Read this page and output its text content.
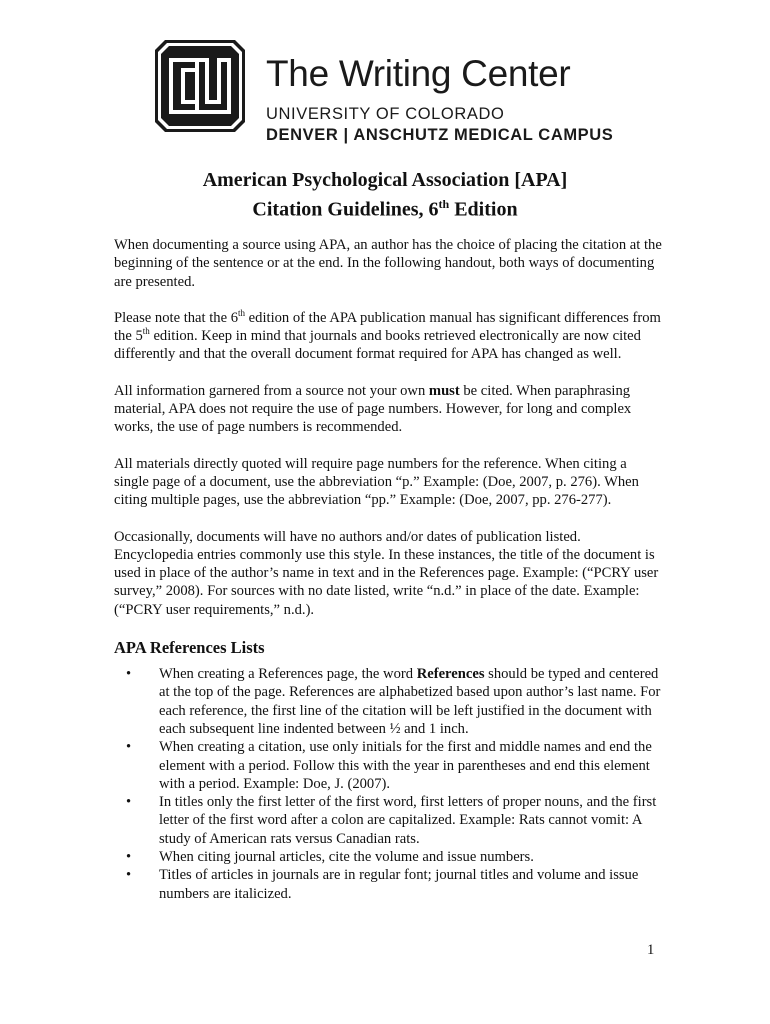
The Writing Center
UNIVERSITY OF COLORADO
DENVER | ANSCHUTZ MEDICAL CAMPUS
American Psychological Association [APA]
Citation Guidelines, 6th Edition

When documenting a source using APA, an author has the choice of placing the citation at the beginning of the sentence or at the end. In the following handout, both ways of documenting are presented.

Please note that the 6th edition of the APA publication manual has significant differences from the 5th edition. Keep in mind that journals and books retrieved electronically are now cited differently and that the overall document format required for APA has changed as well.

All information garnered from a source not your own must be cited. When paraphrasing material, APA does not require the use of page numbers. However, for long and complex works, the use of page numbers is recommended.

All materials directly quoted will require page numbers for the reference. When citing a single page of a document, use the abbreviation “p.” Example: (Doe, 2007, p. 276). When citing multiple pages, use the abbreviation “pp.” Example: (Doe, 2007, pp. 276-277).

Occasionally, documents will have no authors and/or dates of publication listed. Encyclopedia entries commonly use this style. In these instances, the title of the document is used in place of the author’s name in text and in the References page. Example: (“PCRY user survey,” 2008). For sources with no date listed, write “n.d.” in place of the date. Example: (“PCRY user requirements,” n.d.).

APA References Lists
• When creating a References page, the word References should be typed and centered at the top of the page. References are alphabetized based upon author’s last name. For each reference, the first line of the citation will be left justified in the document with each subsequent line indented between ½ and 1 inch.
• When creating a citation, use only initials for the first and middle names and end the element with a period. Follow this with the year in parentheses and end this element with a period. Example: Doe, J. (2007).
• In titles only the first letter of the first word, first letters of proper nouns, and the first letter of the first word after a colon are capitalized. Example: Rats cannot vomit: A study of American rats versus Canadian rats.
• When citing journal articles, cite the volume and issue numbers.
• Titles of articles in journals are in regular font; journal titles and volume and issue numbers are italicized.
1
